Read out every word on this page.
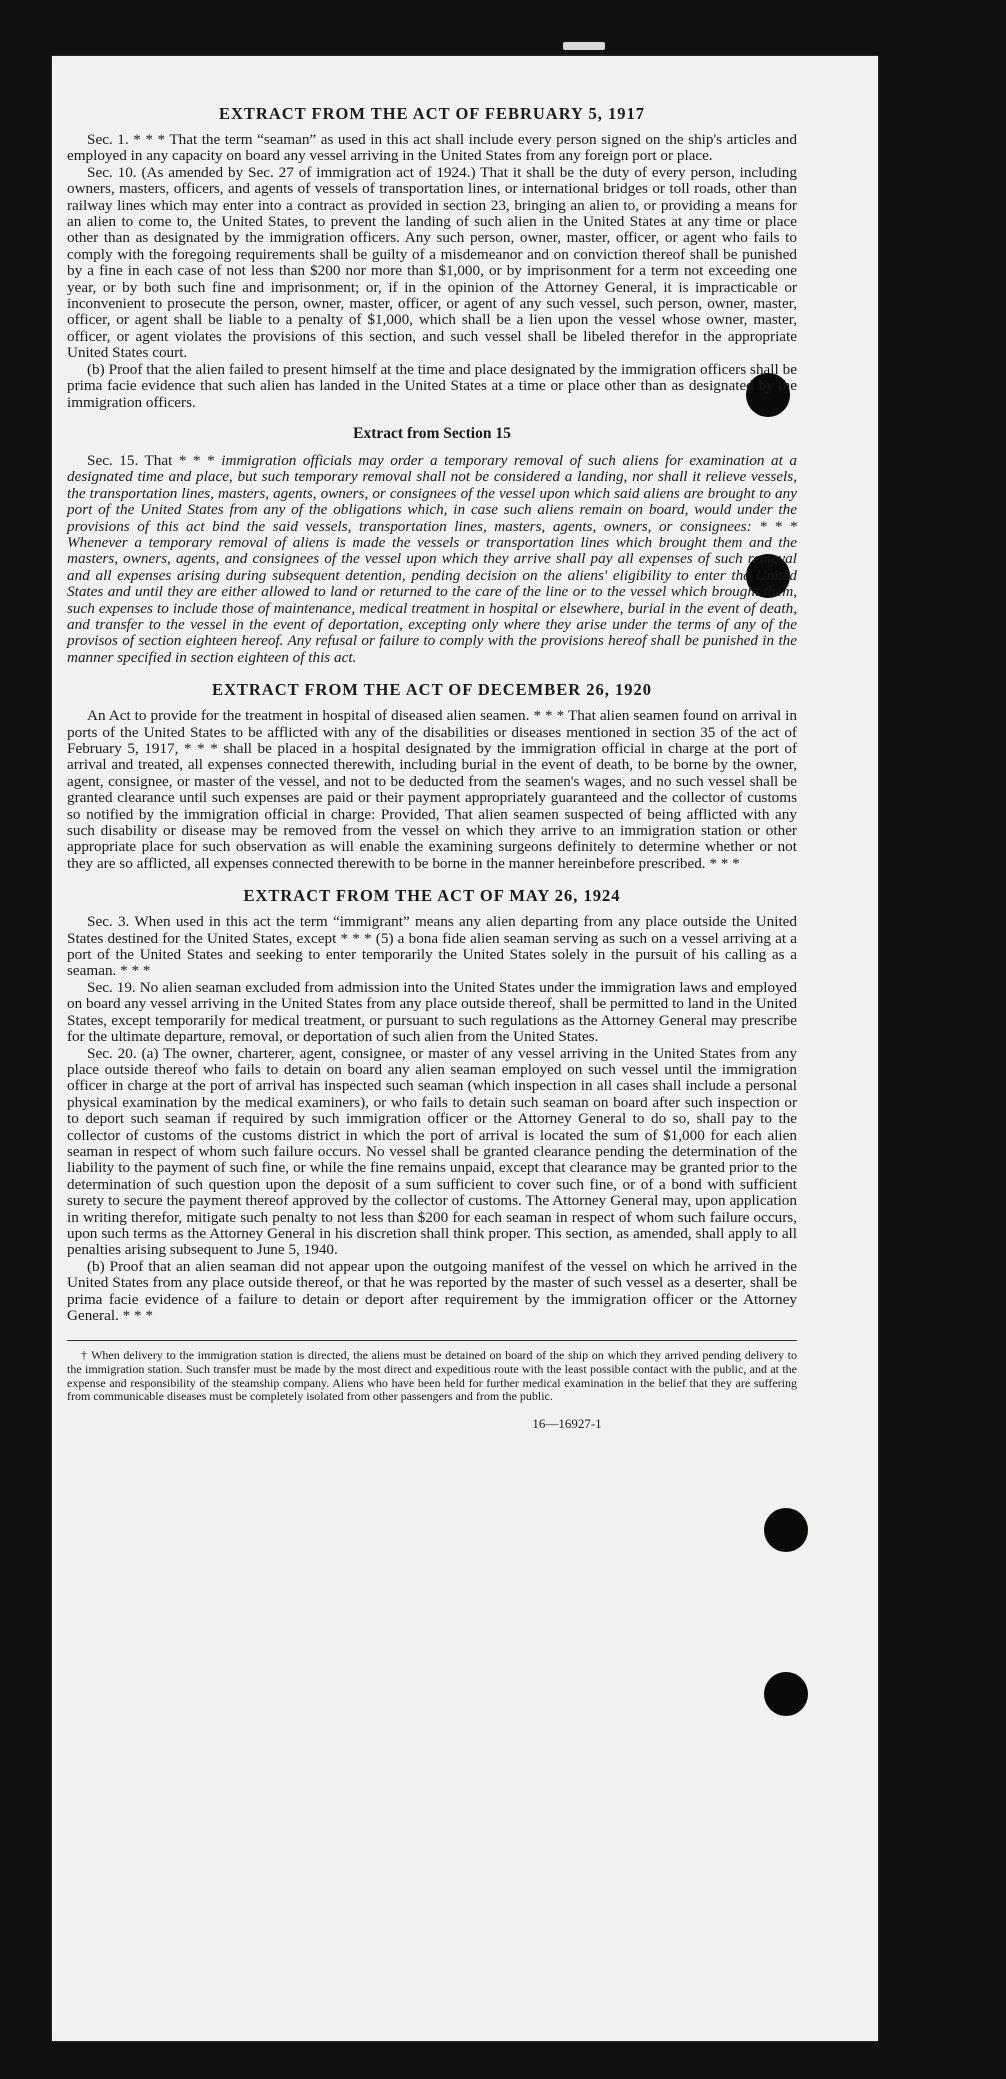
EXTRACT FROM THE ACT OF FEBRUARY 5, 1917

Sec. 1. * * * That the term “seaman” as used in this act shall include every person signed on the ship's articles and employed in any capacity on board any vessel arriving in the United States from any foreign port or place.

Sec. 10. (As amended by Sec. 27 of immigration act of 1924.) That it shall be the duty of every person, including owners, masters, officers, and agents of vessels of transportation lines, or international bridges or toll roads, other than railway lines which may enter into a contract as provided in section 23, bringing an alien to, or providing a means for an alien to come to, the United States, to prevent the landing of such alien in the United States at any time or place other than as designated by the immigration officers. Any such person, owner, master, officer, or agent who fails to comply with the foregoing requirements shall be guilty of a misdemeanor and on conviction thereof shall be punished by a fine in each case of not less than $200 nor more than $1,000, or by imprisonment for a term not exceeding one year, or by both such fine and imprisonment; or, if in the opinion of the Attorney General, it is impracticable or inconvenient to prosecute the person, owner, master, officer, or agent of any such vessel, such person, owner, master, officer, or agent shall be liable to a penalty of $1,000, which shall be a lien upon the vessel whose owner, master, officer, or agent violates the provisions of this section, and such vessel shall be libeled therefor in the appropriate United States court.

(b) Proof that the alien failed to present himself at the time and place designated by the immigration officers shall be prima facie evidence that such alien has landed in the United States at a time or place other than as designated by the immigration officers.

Extract from Section 15

Sec. 15. That * * * immigration officials may order a temporary removal of such aliens for examination at a designated time and place, but such temporary removal shall not be considered a landing, nor shall it relieve vessels, the transportation lines, masters, agents, owners, or consignees of the vessel upon which said aliens are brought to any port of the United States from any of the obligations which, in case such aliens remain on board, would under the provisions of this act bind the said vessels, transportation lines, masters, agents, owners, or consignees: * * * Whenever a temporary removal of aliens is made the vessels or transportation lines which brought them and the masters, owners, agents, and consignees of the vessel upon which they arrive shall pay all expenses of such removal and all expenses arising during subsequent detention, pending decision on the aliens' eligibility to enter the United States and until they are either allowed to land or returned to the care of the line or to the vessel which brought them, such expenses to include those of maintenance, medical treatment in hospital or elsewhere, burial in the event of death, and transfer to the vessel in the event of deportation, excepting only where they arise under the terms of any of the provisos of section eighteen hereof. Any refusal or failure to comply with the provisions hereof shall be punished in the manner specified in section eighteen of this act.

EXTRACT FROM THE ACT OF DECEMBER 26, 1920

An Act to provide for the treatment in hospital of diseased alien seamen. * * * That alien seamen found on arrival in ports of the United States to be afflicted with any of the disabilities or diseases mentioned in section 35 of the act of February 5, 1917, * * * shall be placed in a hospital designated by the immigration official in charge at the port of arrival and treated, all expenses connected therewith, including burial in the event of death, to be borne by the owner, agent, consignee, or master of the vessel, and not to be deducted from the seamen's wages, and no such vessel shall be granted clearance until such expenses are paid or their payment appropriately guaranteed and the collector of customs so notified by the immigration official in charge: Provided, That alien seamen suspected of being afflicted with any such disability or disease may be removed from the vessel on which they arrive to an immigration station or other appropriate place for such observation as will enable the examining surgeons definitely to determine whether or not they are so afflicted, all expenses connected therewith to be borne in the manner hereinbefore prescribed. * * *

EXTRACT FROM THE ACT OF MAY 26, 1924

Sec. 3. When used in this act the term “immigrant” means any alien departing from any place outside the United States destined for the United States, except * * * (5) a bona fide alien seaman serving as such on a vessel arriving at a port of the United States and seeking to enter temporarily the United States solely in the pursuit of his calling as a seaman. * * *

Sec. 19. No alien seaman excluded from admission into the United States under the immigration laws and employed on board any vessel arriving in the United States from any place outside thereof, shall be permitted to land in the United States, except temporarily for medical treatment, or pursuant to such regulations as the Attorney General may prescribe for the ultimate departure, removal, or deportation of such alien from the United States.

Sec. 20. (a) The owner, charterer, agent, consignee, or master of any vessel arriving in the United States from any place outside thereof who fails to detain on board any alien seaman employed on such vessel until the immigration officer in charge at the port of arrival has inspected such seaman (which inspection in all cases shall include a personal physical examination by the medical examiners), or who fails to detain such seaman on board after such inspection or to deport such seaman if required by such immigration officer or the Attorney General to do so, shall pay to the collector of customs of the customs district in which the port of arrival is located the sum of $1,000 for each alien seaman in respect of whom such failure occurs. No vessel shall be granted clearance pending the determination of the liability to the payment of such fine, or while the fine remains unpaid, except that clearance may be granted prior to the determination of such question upon the deposit of a sum sufficient to cover such fine, or of a bond with sufficient surety to secure the payment thereof approved by the collector of customs. The Attorney General may, upon application in writing therefor, mitigate such penalty to not less than $200 for each seaman in respect of whom such failure occurs, upon such terms as the Attorney General in his discretion shall think proper. This section, as amended, shall apply to all penalties arising subsequent to June 5, 1940.

(b) Proof that an alien seaman did not appear upon the outgoing manifest of the vessel on which he arrived in the United States from any place outside thereof, or that he was reported by the master of such vessel as a deserter, shall be prima facie evidence of a failure to detain or deport after requirement by the immigration officer or the Attorney General. * * *

† When delivery to the immigration station is directed, the aliens must be detained on board of the ship on which they arrived pending delivery to the immigration station. Such transfer must be made by the most direct and expeditious route with the least possible contact with the public, and at the expense and responsibility of the steamship company. Aliens who have been held for further medical examination in the belief that they are suffering from communicable diseases must be completely isolated from other passengers and from the public.

16—16927-1
